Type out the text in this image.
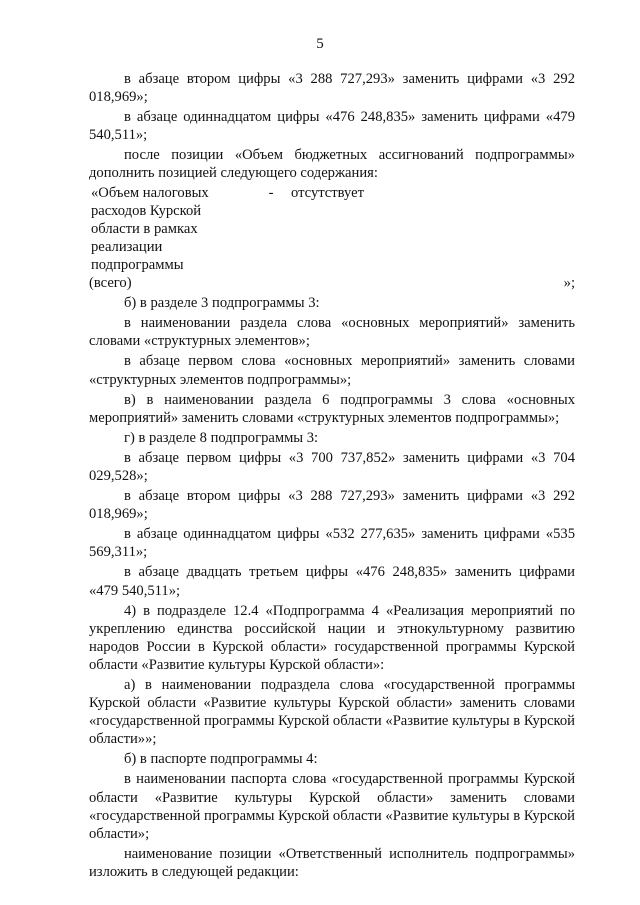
5

в абзаце втором цифры «3 288 727,293» заменить цифрами «3 292 018,969»;

в абзаце одиннадцатом цифры «476 248,835» заменить цифрами «479 540,511»;

после позиции «Объем бюджетных ассигнований подпрограммы» дополнить позицией следующего содержания:

«Объем налоговых
расходов Курской
области в рамках
реализации
подпрограммы
-	отсутствует
(всего)	»;

б) в разделе 3 подпрограммы 3:

в наименовании раздела слова «основных мероприятий» заменить словами «структурных элементов»;

в абзаце первом слова «основных мероприятий» заменить словами «структурных элементов подпрограммы»;

в) в наименовании раздела 6 подпрограммы 3 слова «основных мероприятий» заменить словами «структурных элементов подпрограммы»;

г) в разделе 8 подпрограммы 3:

в абзаце первом цифры «3 700 737,852» заменить цифрами «3 704 029,528»;

в абзаце втором цифры «3 288 727,293» заменить цифрами «3 292 018,969»;

в абзаце одиннадцатом цифры «532 277,635» заменить цифрами «535 569,311»;

в абзаце двадцать третьем цифры «476 248,835» заменить цифрами «479 540,511»;

4) в подразделе 12.4 «Подпрограмма 4 «Реализация мероприятий по укреплению единства российской нации и этнокультурному развитию народов России в Курской области» государственной программы Курской области «Развитие культуры Курской области»:

а) в наименовании подраздела слова «государственной программы Курской области «Развитие культуры Курской области» заменить словами «государственной программы Курской области «Развитие культуры в Курской области»»;

б) в паспорте подпрограммы 4:

в наименовании паспорта слова «государственной программы Курской области «Развитие культуры Курской области» заменить словами «государственной программы Курской области «Развитие культуры в Курской области»;

наименование позиции «Ответственный исполнитель подпрограммы» изложить в следующей редакции:
